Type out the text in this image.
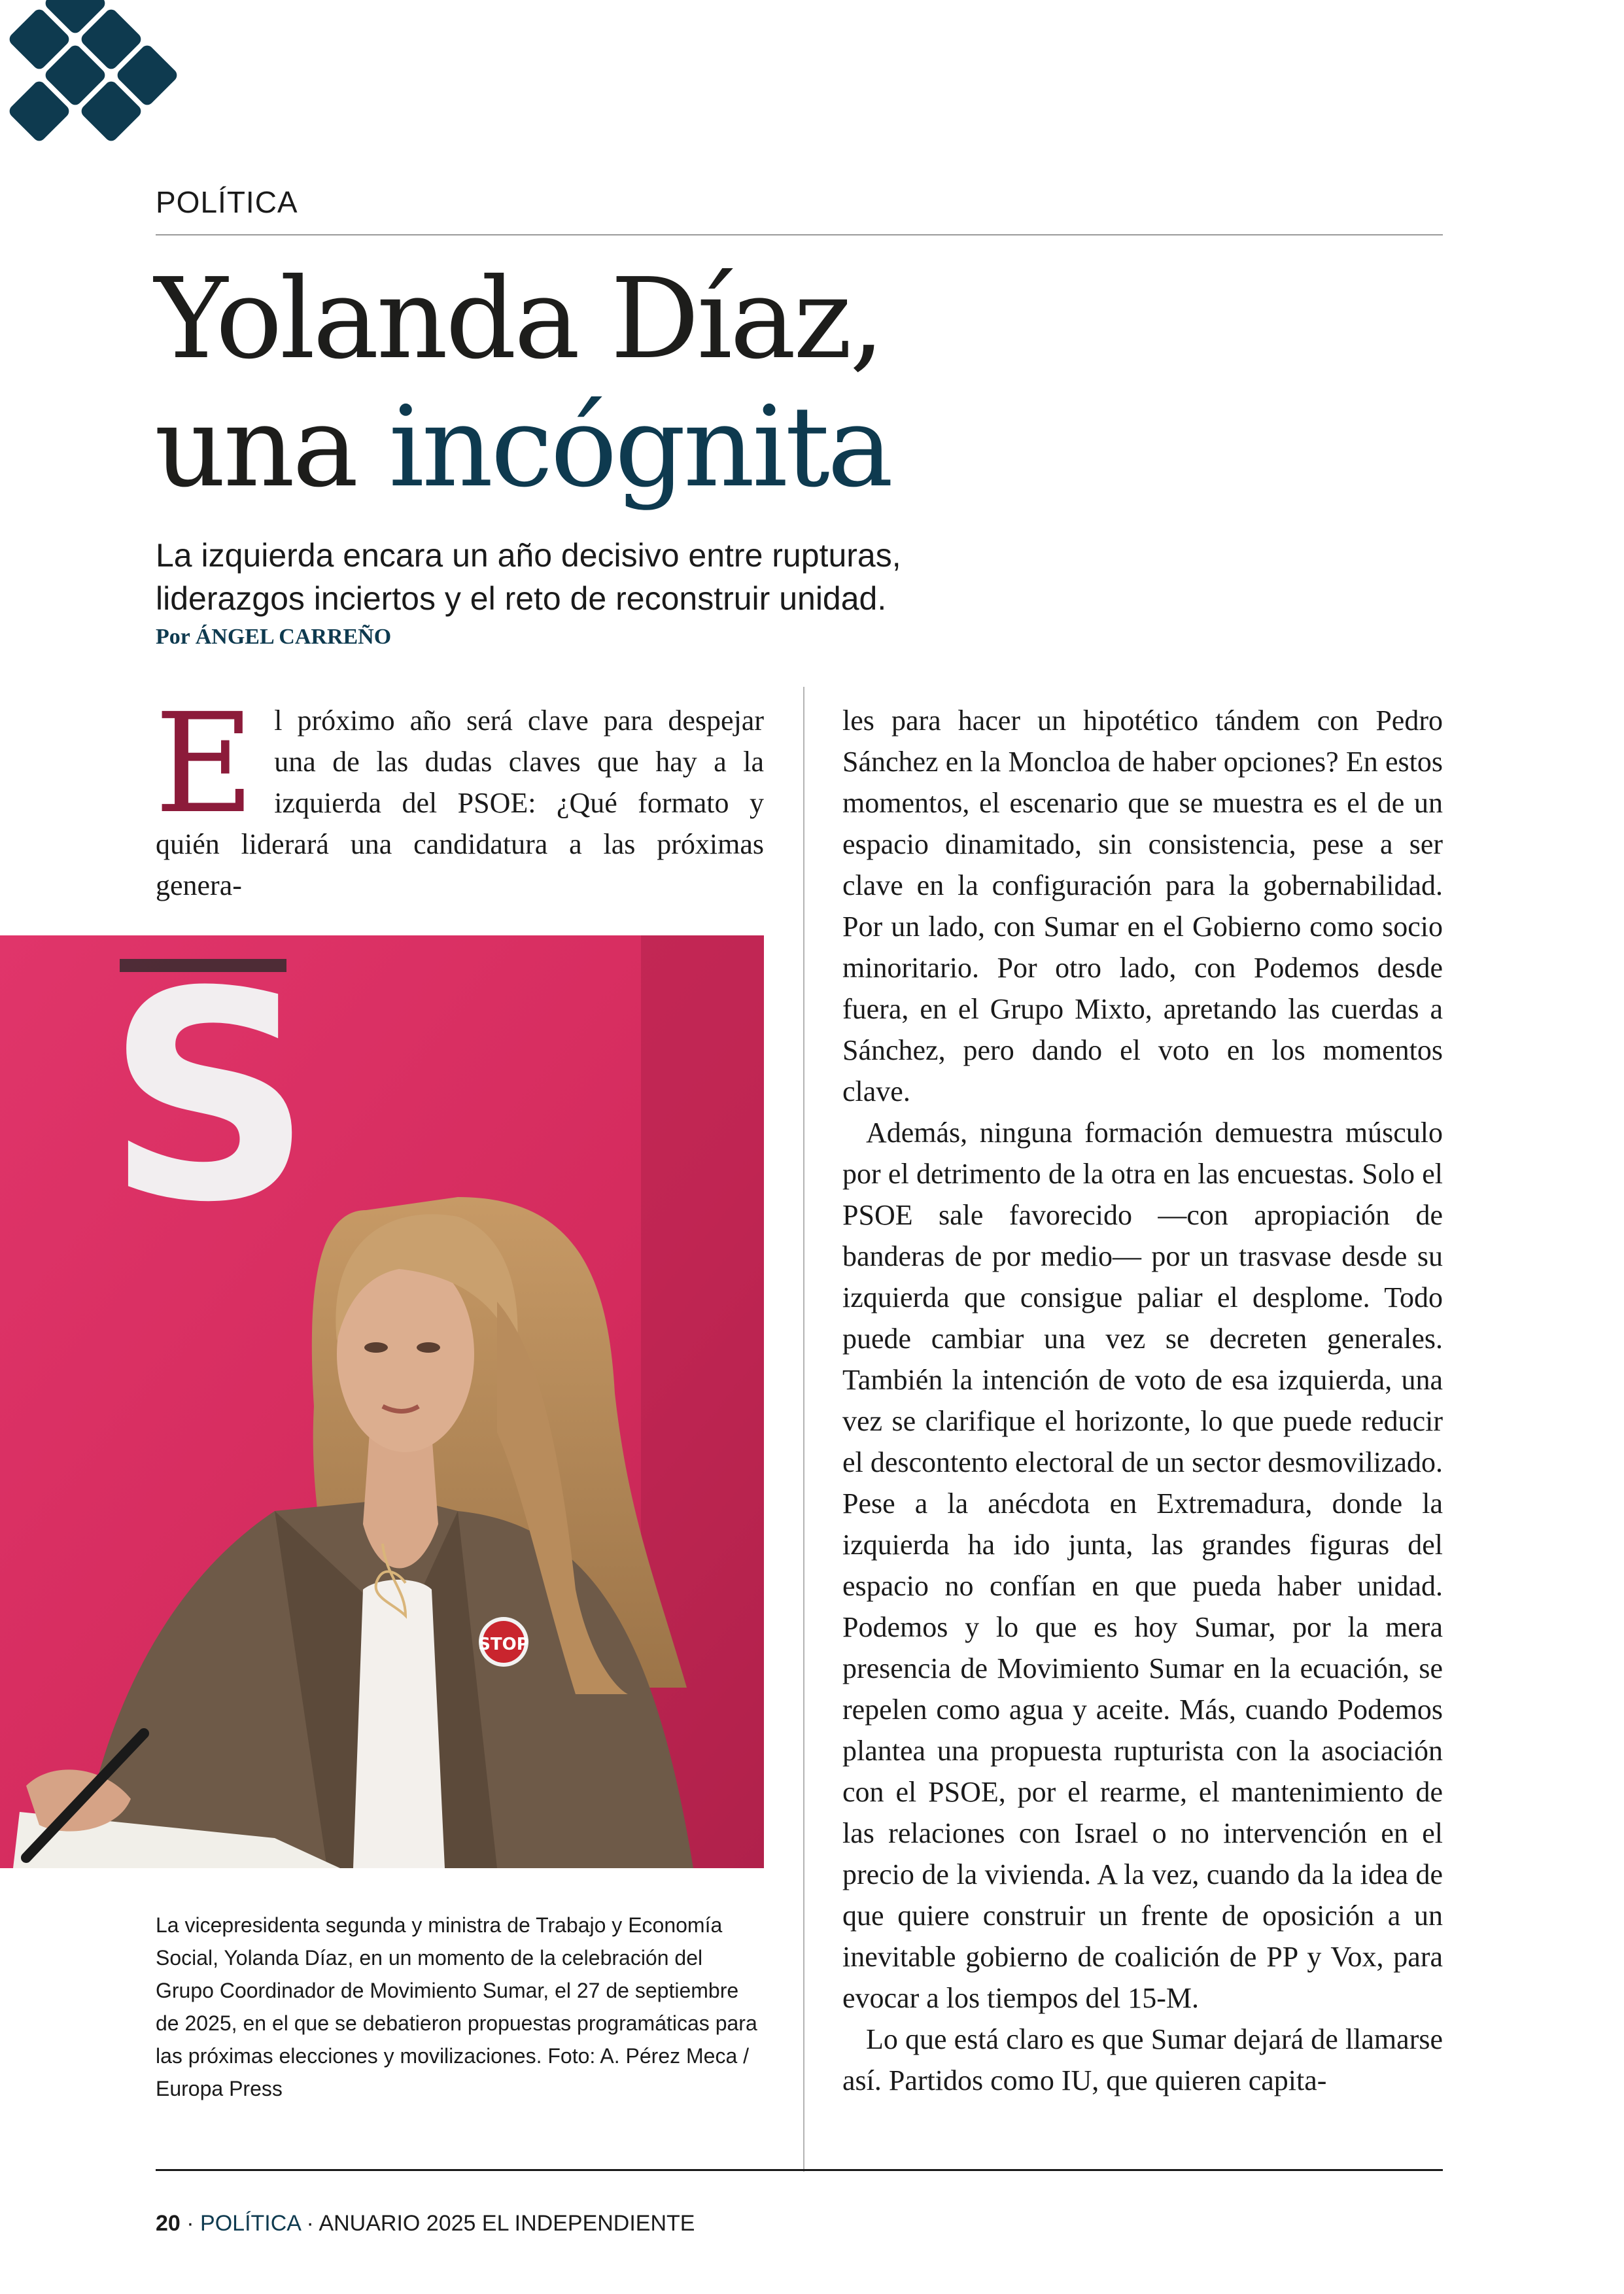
POLÍTICA
Yolanda Díaz,
una incógnita

La izquierda encara un año decisivo entre rupturas, liderazgos inciertos y el reto de reconstruir unidad.

Por ÁNGEL CARREÑO

El próximo año será clave para despejar una de las dudas claves que hay a la izquierda del PSOE: ¿Qué formato y quién liderará una candidatura a las próximas genera-

S
STOP

La vicepresidenta segunda y ministra de Trabajo y Economía Social, Yolanda Díaz, en un momento de la celebración del Grupo Coordinador de Movimiento Sumar, el 27 de septiembre de 2025, en el que se debatieron propuestas programáticas para las próximas elecciones y movilizaciones. Foto: A. Pérez Meca / Europa Press

les para hacer un hipotético tándem con Pedro Sánchez en la Moncloa de haber opciones? En estos momentos, el escenario que se muestra es el de un espacio dinamitado, sin consistencia, pese a ser clave en la configuración para la gobernabilidad. Por un lado, con Sumar en el Gobierno como socio minoritario. Por otro lado, con Podemos desde fuera, en el Grupo Mixto, apretando las cuerdas a Sánchez, pero dando el voto en los momentos clave.

Además, ninguna formación demuestra músculo por el detrimento de la otra en las encuestas. Solo el PSOE sale favorecido —con apropiación de banderas de por medio— por un trasvase desde su izquierda que consigue paliar el desplome. Todo puede cambiar una vez se decreten generales. También la intención de voto de esa izquierda, una vez se clarifique el horizonte, lo que puede reducir el descontento electoral de un sector desmovilizado. Pese a la anécdota en Extremadura, donde la izquierda ha ido junta, las grandes figuras del espacio no confían en que pueda haber unidad. Podemos y lo que es hoy Sumar, por la mera presencia de Movimiento Sumar en la ecuación, se repelen como agua y aceite. Más, cuando Podemos plantea una propuesta rupturista con la asociación con el PSOE, por el rearme, el mantenimiento de las relaciones con Israel o no intervención en el precio de la vivienda. A la vez, cuando da la idea de que quiere construir un frente de oposición a un inevitable gobierno de coalición de PP y Vox, para evocar a los tiempos del 15-M.

Lo que está claro es que Sumar dejará de llamarse así. Partidos como IU, que quieren capita-

20 · POLÍTICA · ANUARIO 2025 EL INDEPENDIENTE
